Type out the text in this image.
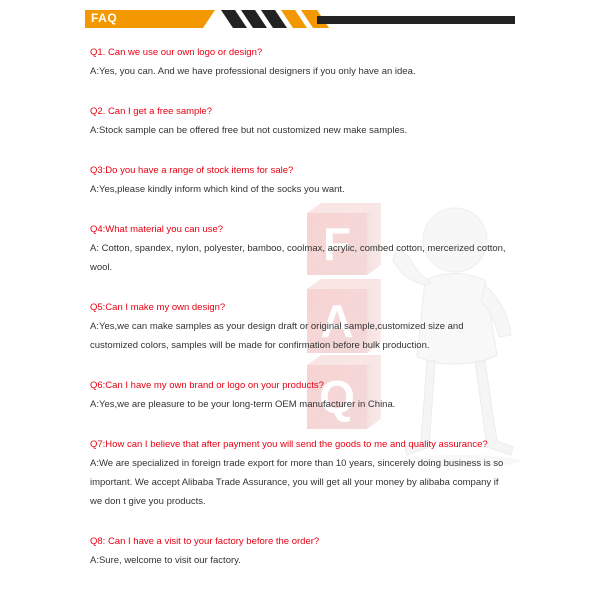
FAQ
F
A
Q

Q1. Can we use our own logo or design?

A:Yes, you can. And we have professional designers if you only have an idea.

Q2. Can I get a free sample?

A:Stock sample can be offered free but not customized new make samples.

Q3:Do you have a range of stock items for sale?

A:Yes,please kindly inform which kind of the socks you want.

Q4:What material you can use?

A: Cotton, spandex, nylon, polyester, bamboo, coolmax, acrylic, combed cotton, mercerized cotton, wool.

Q5:Can I make my own design?

A:Yes,we can make samples as your design draft or original sample,customized size and customized colors, samples will be made for confirmation before bulk production.

Q6:Can I have my own brand or logo on your products?

A:Yes,we are pleasure to be your long-term OEM manufacturer in China.

Q7:How can I believe that after payment you will send the goods to me and quality assurance?

A:We are specialized in foreign trade export for more than 10 years, sincerely doing business is so important. We accept Alibaba Trade Assurance, you will get all your money by alibaba company if we don t give you products.

Q8: Can I have a visit to your factory before the order?

A:Sure, welcome to visit our factory.
